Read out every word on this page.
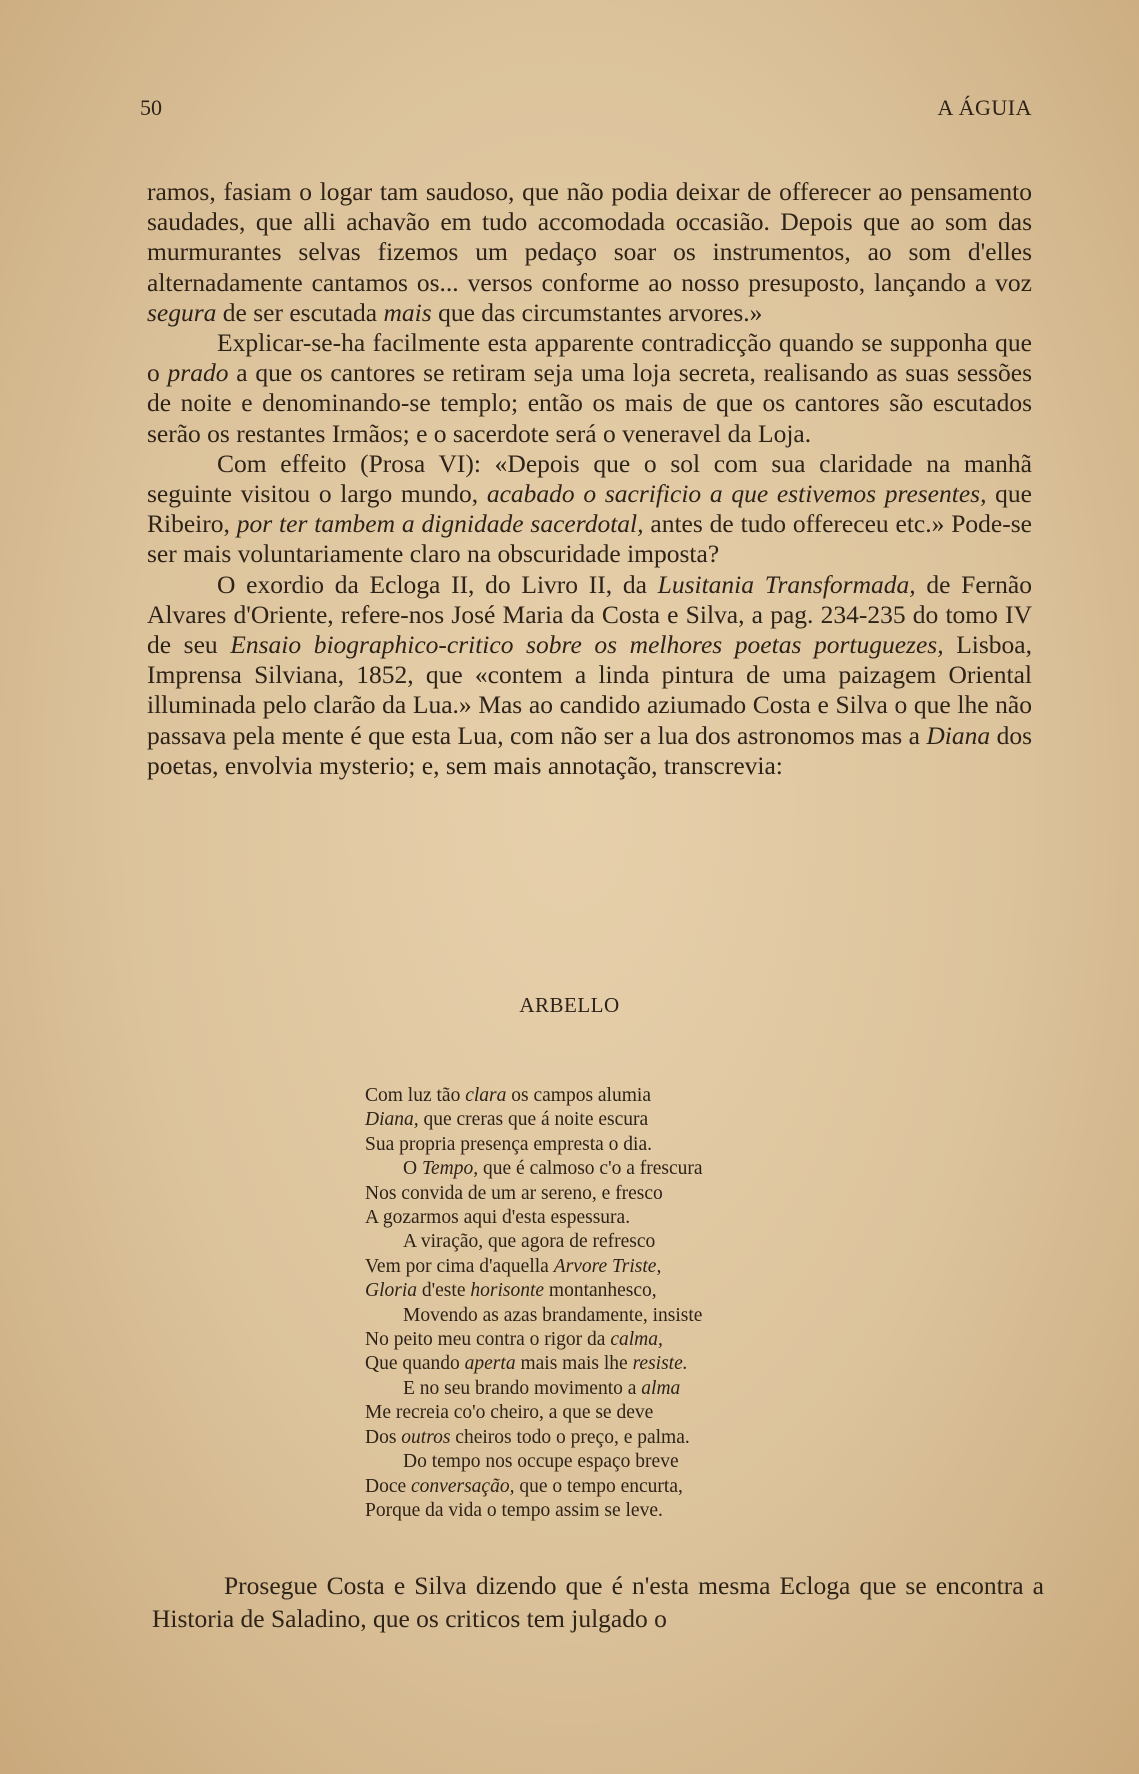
50	A ÁGUIA

ramos, fasiam o logar tam saudoso, que não podia deixar de offerecer ao pensamento saudades, que alli achavão em tudo accomodada occasião. Depois que ao som das murmurantes selvas fizemos um pedaço soar os instrumentos, ao som d'elles alternadamente cantamos os... versos conforme ao nosso presuposto, lançando a voz segura de ser escutada mais que das circumstantes arvores.»

Explicar-se-ha facilmente esta apparente contradicção quando se supponha que o prado a que os cantores se retiram seja uma loja secreta, realisando as suas sessões de noite e denominando-se templo; então os mais de que os cantores são escutados serão os restantes Irmãos; e o sacerdote será o veneravel da Loja.

Com effeito (Prosa VI): «Depois que o sol com sua claridade na manhã seguinte visitou o largo mundo, acabado o sacrificio a que estivemos presentes, que Ribeiro, por ter tambem a dignidade sacerdotal, antes de tudo offereceu etc.» Pode-se ser mais voluntariamente claro na obscuridade imposta?

O exordio da Ecloga II, do Livro II, da Lusitania Transformada, de Fernão Alvares d'Oriente, refere-nos José Maria da Costa e Silva, a pag. 234-235 do tomo IV de seu Ensaio biographico-critico sobre os melhores poetas portuguezes, Lisboa, Imprensa Silviana, 1852, que «contem a linda pintura de uma paizagem Oriental illuminada pelo clarão da Lua.» Mas ao candido aziumado Costa e Silva o que lhe não passava pela mente é que esta Lua, com não ser a lua dos astronomos mas a Diana dos poetas, envolvia mysterio; e, sem mais annotação, transcrevia:

ARBELLO
Com luz tão clara os campos alumia
Diana, que creras que á noite escura
Sua propria presença empresta o dia.
O Tempo, que é calmoso c'o a frescura
Nos convida de um ar sereno, e fresco
A gozarmos aqui d'esta espessura.
A viração, que agora de refresco
Vem por cima d'aquella Arvore Triste,
Gloria d'este horisonte montanhesco,
Movendo as azas brandamente, insiste
No peito meu contra o rigor da calma,
Que quando aperta mais mais lhe resiste.
E no seu brando movimento a alma
Me recreia co'o cheiro, a que se deve
Dos outros cheiros todo o preço, e palma.
Do tempo nos occupe espaço breve
Doce conversação, que o tempo encurta,
Porque da vida o tempo assim se leve.

Prosegue Costa e Silva dizendo que é n'esta mesma Ecloga que se encontra a Historia de Saladino, que os criticos tem julgado o
